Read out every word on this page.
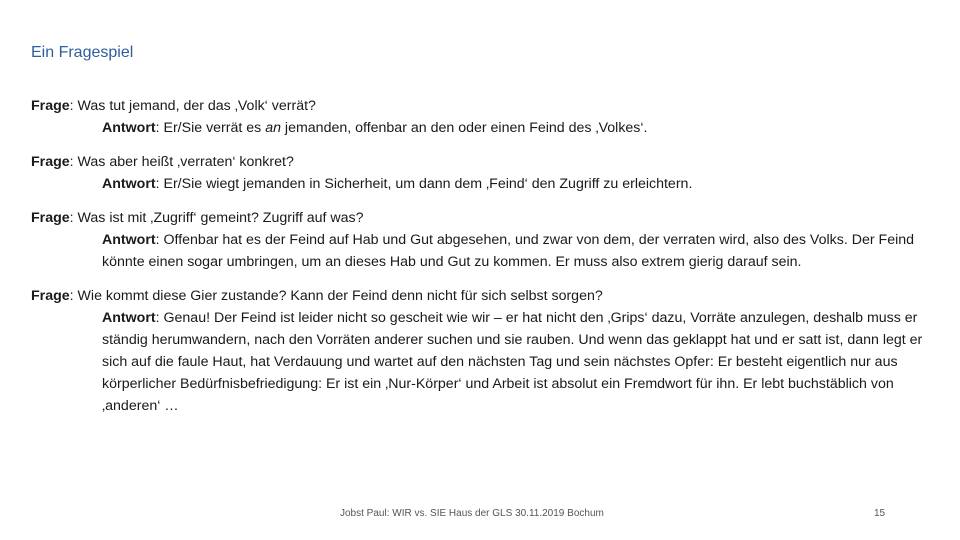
Ein Fragespiel

Frage: Was tut jemand, der das ‚Volk‘ verrät?

Antwort: Er/Sie verrät es an jemanden, offenbar an den oder einen Feind des ‚Volkes‘.

Frage: Was aber heißt ‚verraten‘ konkret?

Antwort: Er/Sie wiegt jemanden in Sicherheit, um dann dem ‚Feind‘ den Zugriff zu erleichtern.

Frage: Was ist mit ‚Zugriff‘ gemeint? Zugriff auf was?

Antwort: Offenbar hat es der Feind auf Hab und Gut abgesehen, und zwar von dem, der verraten wird, also des Volks. Der Feind könnte einen sogar umbringen, um an dieses Hab und Gut zu kommen. Er muss also extrem gierig darauf sein.

Frage: Wie kommt diese Gier zustande? Kann der Feind denn nicht für sich selbst sorgen?

Antwort: Genau! Der Feind ist leider nicht so gescheit wie wir – er hat nicht den ‚Grips‘ dazu, Vorräte anzulegen, deshalb muss er ständig herumwandern, nach den Vorräten anderer suchen und sie rauben. Und wenn das geklappt hat und er satt ist, dann legt er sich auf die faule Haut, hat Verdauung und wartet auf den nächsten Tag und sein nächstes Opfer: Er besteht eigentlich nur aus körperlicher Bedürfnisbefriedigung: Er ist ein ‚Nur-Körper‘ und Arbeit ist absolut ein Fremdwort für ihn. Er lebt buchstäblich von ‚anderen‘ …

Jobst Paul: WIR vs. SIE Haus der GLS 30.11.2019 Bochum	15
